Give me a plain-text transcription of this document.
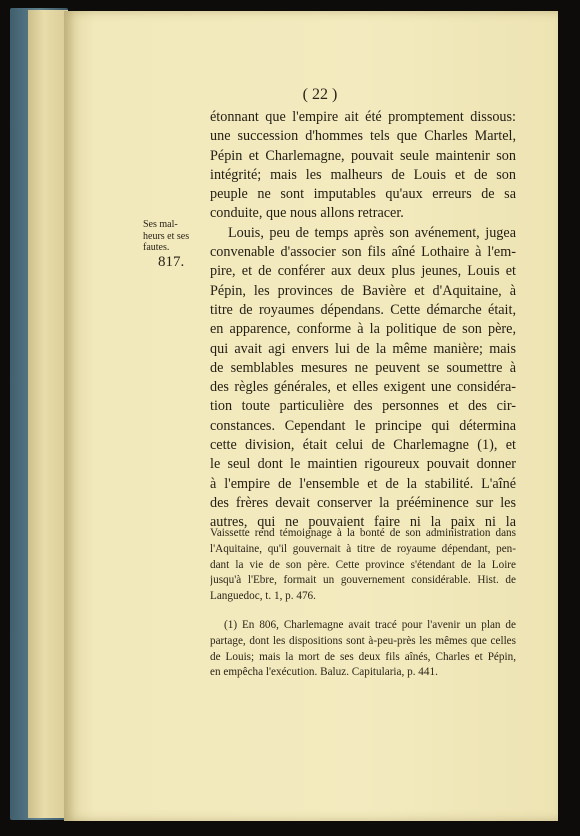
( 22 )
étonnant que l'empire ait été promptement dissous:
une succession d'hommes tels que Charles Martel,
Pépin et Charlemagne, pouvait seule maintenir son
intégrité; mais les malheurs de Louis et de son
peuple ne sont imputables qu'aux erreurs de sa
conduite, que nous allons retracer.
Louis, peu de temps après son avénement, jugea
convenable d'associer son fils aîné Lothaire à l'em-
pire, et de conférer aux deux plus jeunes, Louis et
Pépin, les provinces de Bavière et d'Aquitaine, à
titre de royaumes dépendans. Cette démarche était,
en apparence, conforme à la politique de son père,
qui avait agi envers lui de la même manière; mais
de semblables mesures ne peuvent se soumettre à
des règles générales, et elles exigent une considéra-
tion toute particulière des personnes et des cir-
constances. Cependant le principe qui détermina
cette division, était celui de Charlemagne (1), et
le seul dont le maintien rigoureux pouvait donner
à l'empire de l'ensemble et de la stabilité. L'aîné
des frères devait conserver la prééminence sur les
autres, qui ne pouvaient faire ni la paix ni la
Ses mal-
heurs et ses
fautes.
817.
Vaissette rend témoignage à la bonté de son administration dans
l'Aquitaine, qu'il gouvernait à titre de royaume dépendant, pen-
dant la vie de son père. Cette province s'étendant de la Loire
jusqu'à l'Ebre, formait un gouvernement considérable. Hist. de
Languedoc, t. 1, p. 476.
(1) En 806, Charlemagne avait tracé pour l'avenir un plan de
partage, dont les dispositions sont à-peu-près les mêmes que celles
de Louis; mais la mort de ses deux fils aînés, Charles et Pépin,
en empêcha l'exécution. Baluz. Capitularia, p. 441.
